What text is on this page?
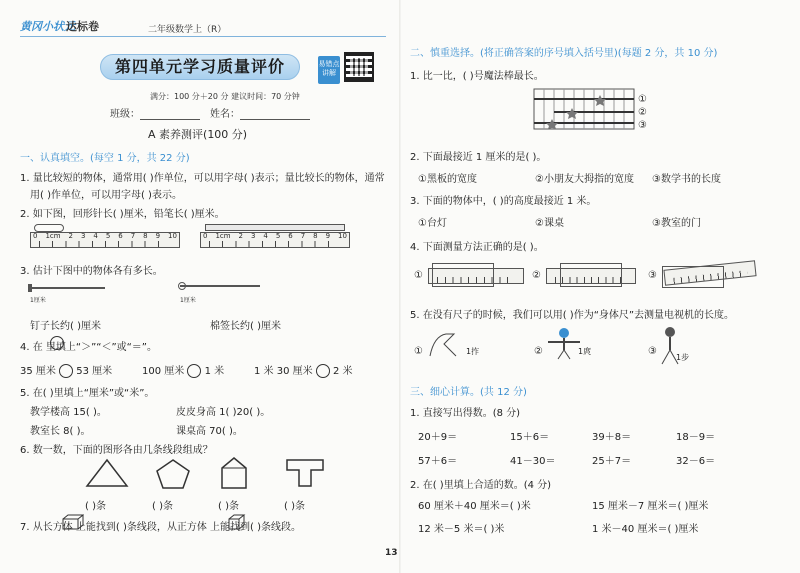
黄冈小状元
达标卷	二年级数学上（R）
第四单元学习质量评价	易错点讲解
满分：100 分＋20 分 建议时间：70 分钟
班级：	姓名：
A 素养测评(100 分)
一、认真填空。(每空 1 分，共 22 分)
1. 量比较短的物体，通常用( )作单位，可以用字母( )表示；量比较长的物体，通常
用( )作单位，可以用字母( )表示。
2. 如下图，回形针长( )厘米，铅笔长( )厘米。
0 1cm 2 3 4 5 6 7 8 9 10	0 1cm 2 3 4 5 6 7 8 9 10
3. 估计下图中的物体各有多长。
1厘米	1厘米
钉子长约( )厘米	棉签长约( )厘米
4. 在 里填上“＞”“＜”或“＝”。
35 厘米 53 厘米	100 厘米 1 米	1 米 30 厘米 2 米
5. 在( )里填上“厘米”或“米”。
教学楼高 15( )。	皮皮身高 1( )20( )。
教室长 8( )。	课桌高 70( )。
6. 数一数，下面的图形各由几条线段组成？
( )条	( )条	( )条	( )条
7. 从长方体 上能找到( )条线段，从正方体 上能找到( )条线段。
二、慎重选择。(将正确答案的序号填入括号里)(每题 2 分，共 10 分)
1. 比一比，( )号魔法棒最长。
①
②
③
2. 下面最接近 1 厘米的是( )。
①黑板的宽度	②小朋友大拇指的宽度 ③数学书的长度
3. 下面的物体中，( )的高度最接近 1 米。
①台灯	②课桌	③教室的门
4. 下面测量方法正确的是( )。
①	②	③
5. 在没有尺子的时候，我们可以用( )作为“身体尺”去测量电视机的长度。
①	1拃	②	1庹	③
1步
三、细心计算。(共 12 分)
1. 直接写出得数。(8 分)
20＋9＝	15＋6＝	39＋8＝	18－9＝
57＋6＝	41－30＝	25＋7＝	32－6＝
2. 在( )里填上合适的数。(4 分)
60 厘米＋40 厘米＝( )米	15 厘米－7 厘米＝( )厘米
12 米－5 米＝( )米	1 米－40 厘米＝( )厘米
13
